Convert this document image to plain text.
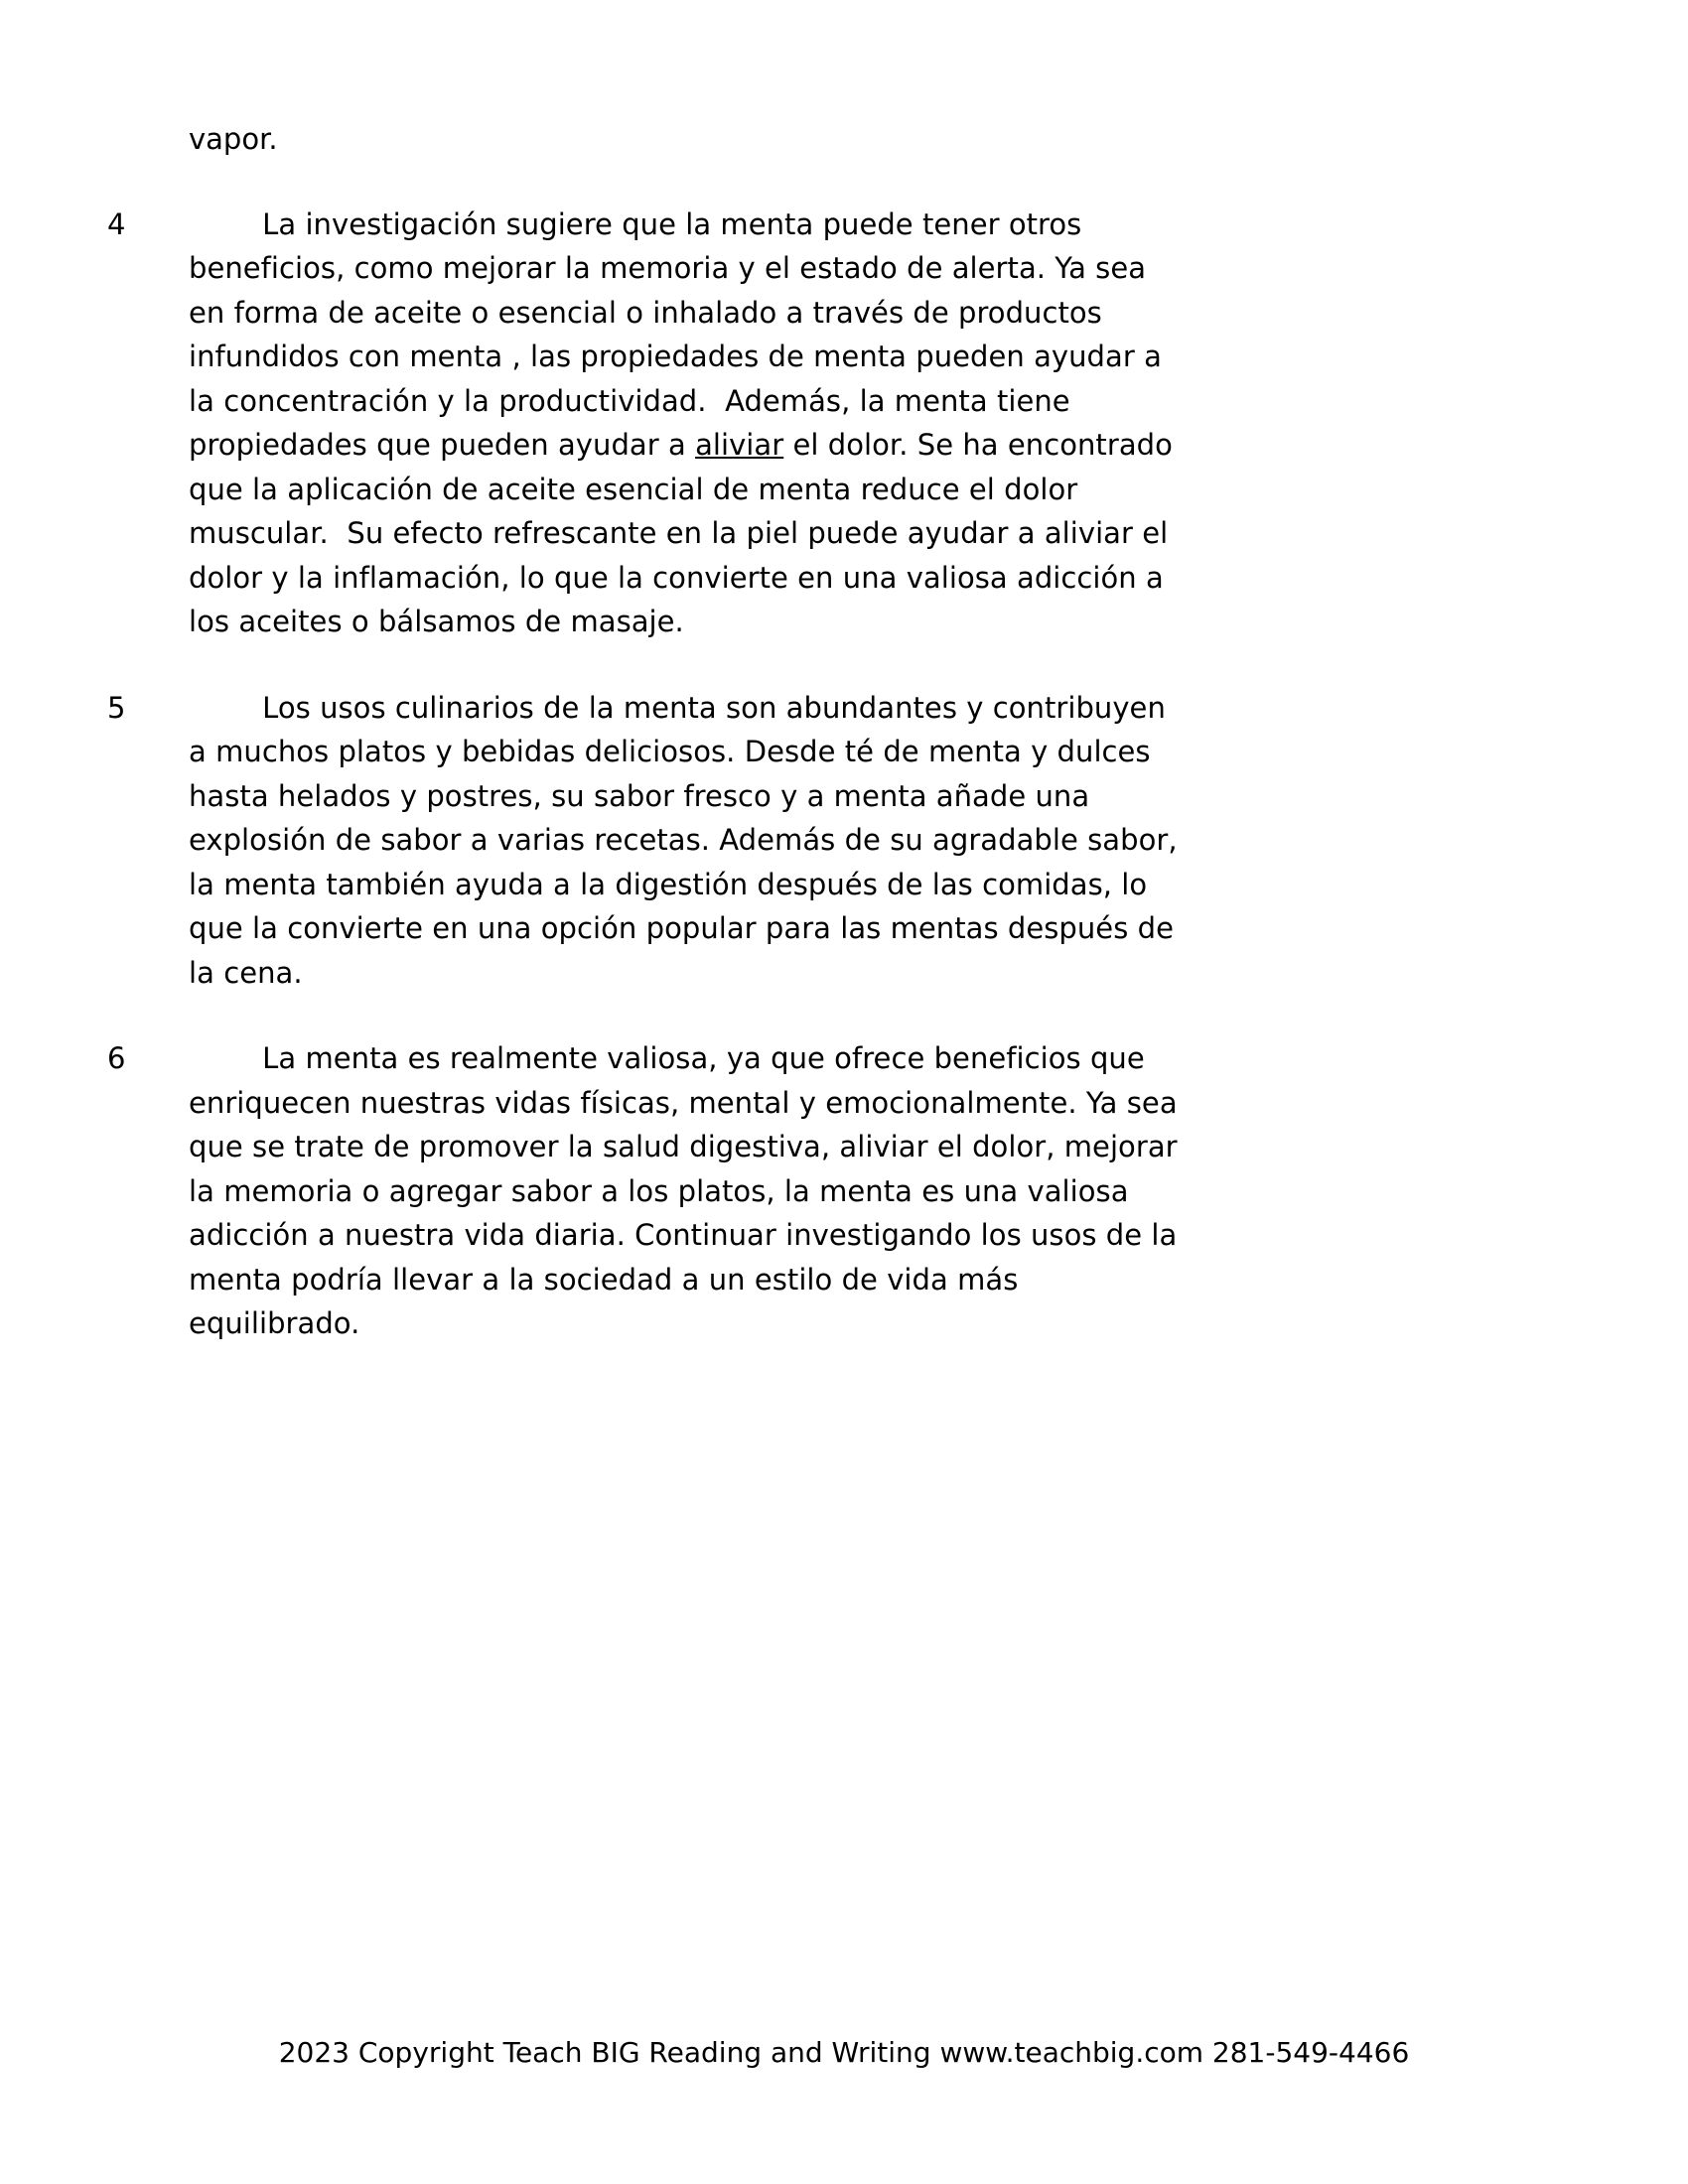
vapor.
4		La investigación sugiere que la menta puede tener otros beneficios, como mejorar la memoria y el estado de alerta. Ya sea en forma de aceite o esencial o inhalado a través de productos infundidos con menta , las propiedades de menta pueden ayudar a la concentración y la productividad.  Además, la menta tiene propiedades que pueden ayudar a aliviar el dolor. Se ha encontrado que la aplicación de aceite esencial de menta reduce el dolor muscular.  Su efecto refrescante en la piel puede ayudar a aliviar el dolor y la inflamación, lo que la convierte en una valiosa adicción a los aceites o bálsamos de masaje.

5		Los usos culinarios de la menta son abundantes y contribuyen a muchos platos y bebidas deliciosos. Desde té de menta y dulces hasta helados y postres, su sabor fresco y a menta añade una explosión de sabor a varias recetas. Además de su agradable sabor, la menta también ayuda a la digestión después de las comidas, lo que la convierte en una opción popular para las mentas después de la cena.

6		La menta es realmente valiosa, ya que ofrece beneficios que enriquecen nuestras vidas físicas, mental y emocionalmente. Ya sea que se trate de promover la salud digestiva, aliviar el dolor, mejorar la memoria o agregar sabor a los platos, la menta es una valiosa adicción a nuestra vida diaria. Continuar investigando los usos de la menta podría llevar a la sociedad a un estilo de vida más equilibrado.

2023 Copyright Teach BIG Reading and Writing www.teachbig.com 281-549-4466
